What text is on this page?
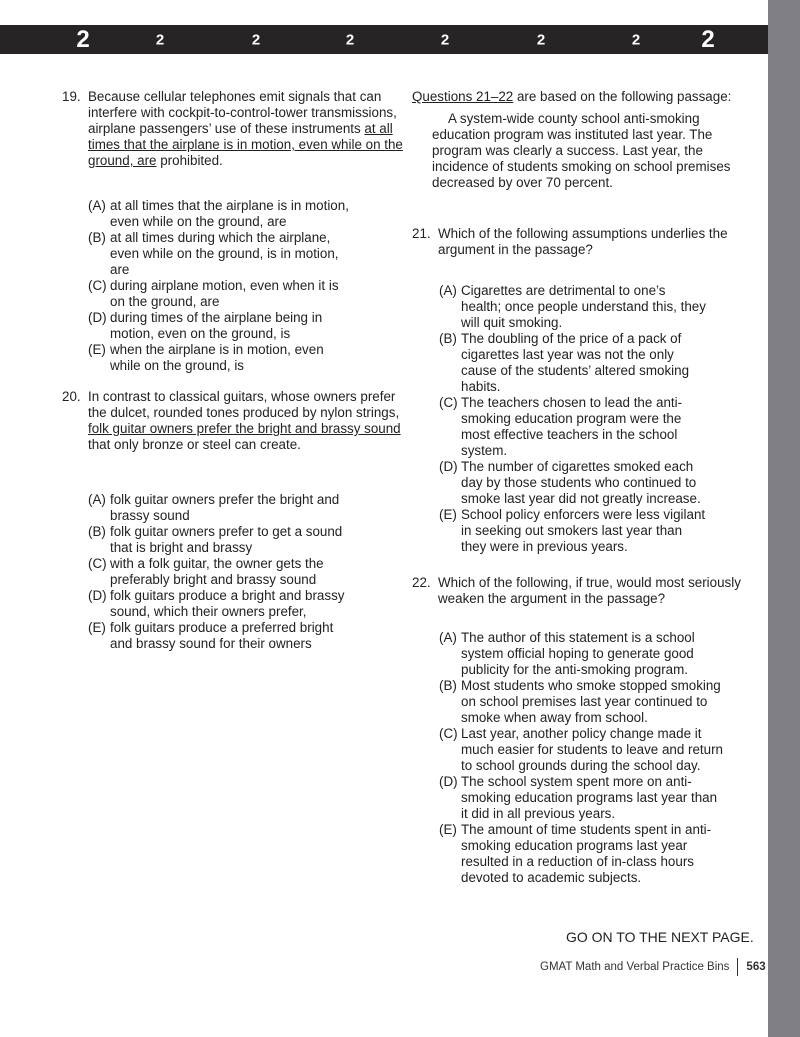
2	2	2	2	2	2	2	2
19. Because cellular telephones emit signals that can interfere with cockpit-to-control-tower transmissions, airplane passengers’ use of these instruments at all times that the airplane is in motion, even while on the ground, are prohibited.

(A) at all times that the airplane is in motion, even while on the ground, are

(B) at all times during which the airplane, even while on the ground, is in motion, are

(C) during airplane motion, even when it is on the ground, are

(D) during times of the airplane being in motion, even on the ground, is

(E) when the airplane is in motion, even while on the ground, is

20. In contrast to classical guitars, whose owners prefer the dulcet, rounded tones produced by nylon strings, folk guitar owners prefer the bright and brassy sound that only bronze or steel can create.

(A) folk guitar owners prefer the bright and brassy sound

(B) folk guitar owners prefer to get a sound that is bright and brassy

(C) with a folk guitar, the owner gets the preferably bright and brassy sound

(D) folk guitars produce a bright and brassy sound, which their owners prefer,

(E) folk guitars produce a preferred bright and brassy sound for their owners

Questions 21–22 are based on the following passage:
A system-wide county school anti-smoking education program was instituted last year. The program was clearly a success. Last year, the incidence of students smoking on school premises decreased by over 70 percent.
21. Which of the following assumptions underlies the argument in the passage?

(A) Cigarettes are detrimental to one’s health; once people understand this, they will quit smoking.

(B) The doubling of the price of a pack of cigarettes last year was not the only cause of the students’ altered smoking habits.

(C) The teachers chosen to lead the anti-smoking education program were the most effective teachers in the school system.

(D) The number of cigarettes smoked each day by those students who continued to smoke last year did not greatly increase.

(E) School policy enforcers were less vigilant in seeking out smokers last year than they were in previous years.

22. Which of the following, if true, would most seriously weaken the argument in the passage?

(A) The author of this statement is a school system official hoping to generate good publicity for the anti-smoking program.

(B) Most students who smoke stopped smoking on school premises last year continued to smoke when away from school.

(C) Last year, another policy change made it much easier for students to leave and return to school grounds during the school day.

(D) The school system spent more on anti-smoking education programs last year than it did in all previous years.

(E) The amount of time students spent in anti-smoking education programs last year resulted in a reduction of in-class hours devoted to academic subjects.

GO ON TO THE NEXT PAGE.
GMAT Math and Verbal Practice Bins 563
